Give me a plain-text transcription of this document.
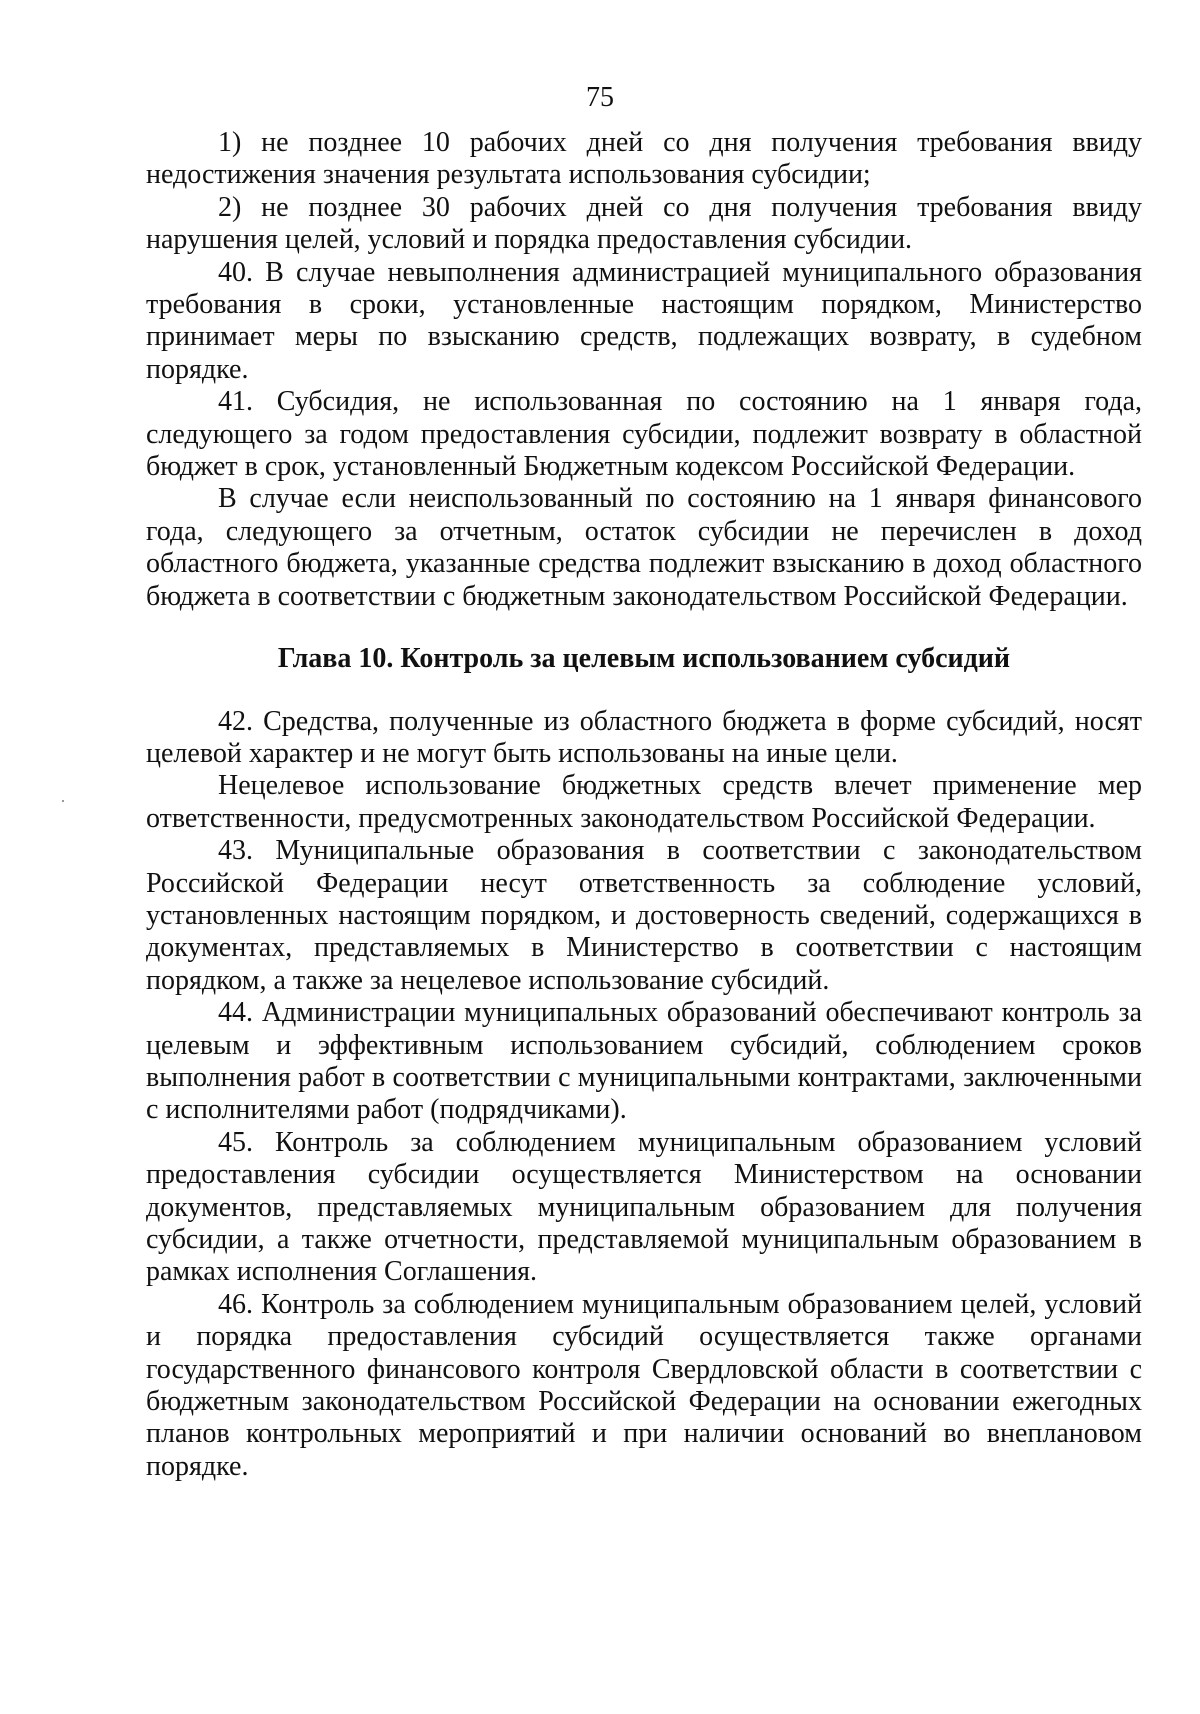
75

1) не позднее 10 рабочих дней со дня получения требования ввиду недостижения значения результата использования субсидии;

2) не позднее 30 рабочих дней со дня получения требования ввиду нарушения целей, условий и порядка предоставления субсидии.

40. В случае невыполнения администрацией муниципального образования требования в сроки, установленные настоящим порядком, Министерство принимает меры по взысканию средств, подлежащих возврату, в судебном порядке.

41. Субсидия, не использованная по состоянию на 1 января года, следующего за годом предоставления субсидии, подлежит возврату в областной бюджет в срок, установленный Бюджетным кодексом Российской Федерации.

В случае если неиспользованный по состоянию на 1 января финансового года, следующего за отчетным, остаток субсидии не перечислен в доход областного бюджета, указанные средства подлежит взысканию в доход областного бюджета в соответствии с бюджетным законодательством Российской Федерации.

Глава 10. Контроль за целевым использованием субсидий

42. Средства, полученные из областного бюджета в форме субсидий, носят целевой характер и не могут быть использованы на иные цели.

Нецелевое использование бюджетных средств влечет применение мер ответственности, предусмотренных законодательством Российской Федерации.

43. Муниципальные образования в соответствии с законодательством Российской Федерации несут ответственность за соблюдение условий, установленных настоящим порядком, и достоверность сведений, содержащихся в документах, представляемых в Министерство в соответствии с настоящим порядком, а также за нецелевое использование субсидий.

44. Администрации муниципальных образований обеспечивают контроль за целевым и эффективным использованием субсидий, соблюдением сроков выполнения работ в соответствии с муниципальными контрактами, заключенными с исполнителями работ (подрядчиками).

45. Контроль за соблюдением муниципальным образованием условий предоставления субсидии осуществляется Министерством на основании документов, представляемых муниципальным образованием для получения субсидии, а также отчетности, представляемой муниципальным образованием в рамках исполнения Соглашения.

46. Контроль за соблюдением муниципальным образованием целей, условий и порядка предоставления субсидий осуществляется также органами государственного финансового контроля Свердловской области в соответствии с бюджетным законодательством Российской Федерации на основании ежегодных планов контрольных мероприятий и при наличии оснований во внеплановом порядке.
